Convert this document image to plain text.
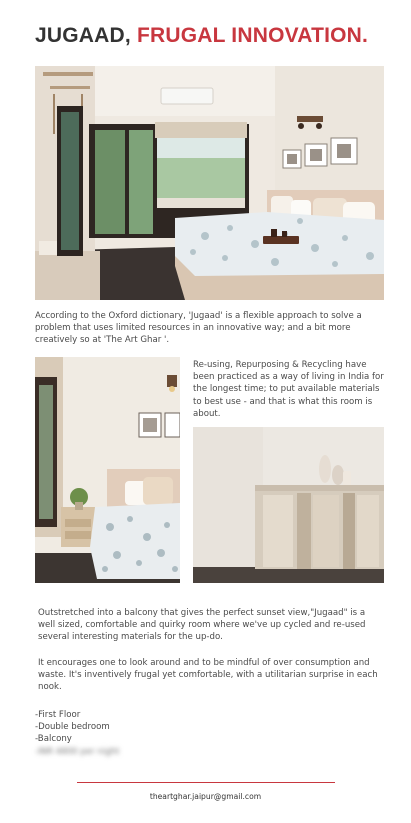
JUGAAD, FRUGAL INNOVATION.
According to the Oxford dictionary, 'Jugaad' is a flexible approach to solve a problem that uses limited resources in an innovative way; and a bit more creatively so at 'The Art Ghar '.
Re-using, Repurposing & Recycling have been practiced as a way of living in India for the longest time; to put available materials to best use - and that is what this room is about.
Outstretched into a balcony that gives the perfect sunset view,"Jugaad" is a well sized, comfortable and quirky room where we've up cycled and re-used several interesting materials for the up-do.
It encourages one to look around and to be mindful of over consumption and waste. It's inventively frugal yet comfortable, with a utilitarian surprise in each nook.
-First Floor
-Double bedroom
-Balcony
-INR 4800 per night
theartghar.jaipur@gmail.com
